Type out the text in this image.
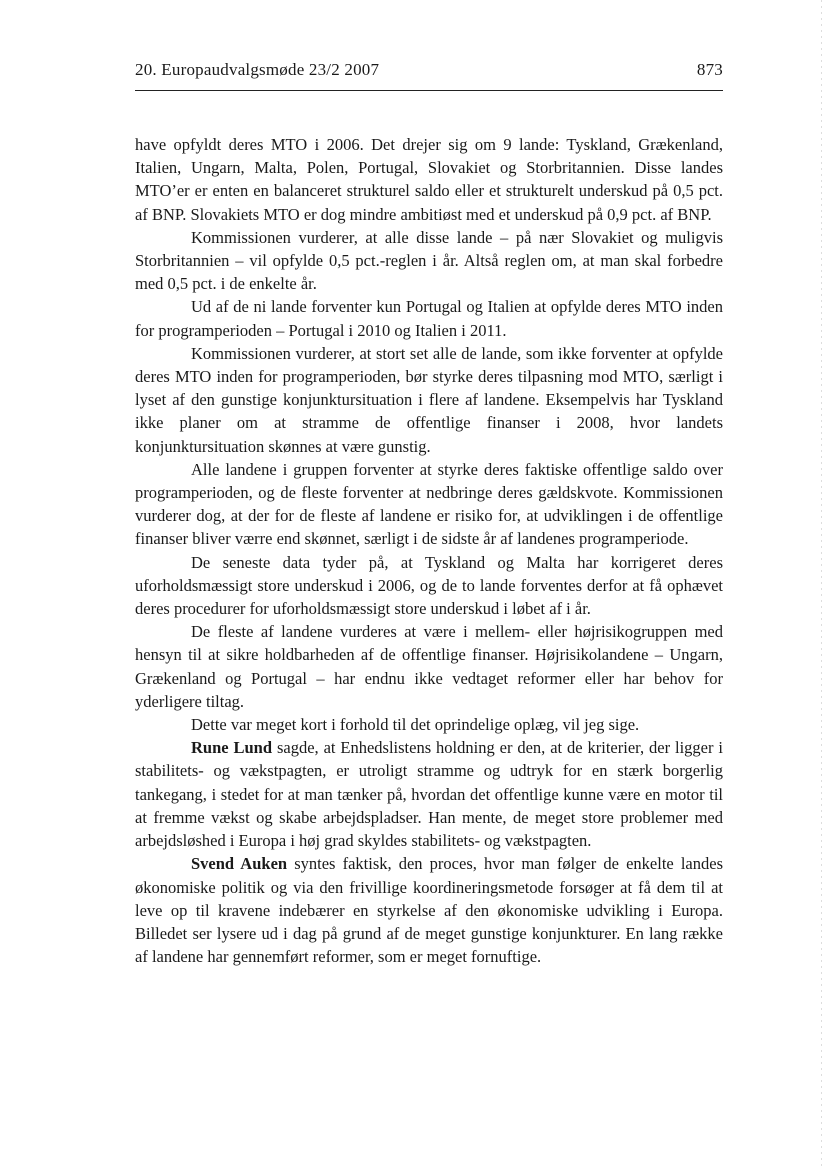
20. Europaudvalgsmøde 23/2 2007	873

have opfyldt deres MTO i 2006. Det drejer sig om 9 lande: Tyskland, Grækenland, Italien, Ungarn, Malta, Polen, Portugal, Slovakiet og Storbritannien. Disse landes MTO’er er enten en balanceret strukturel saldo eller et strukturelt underskud på 0,5 pct. af BNP. Slovakiets MTO er dog mindre ambitiøst med et underskud på 0,9 pct. af BNP.

Kommissionen vurderer, at alle disse lande – på nær Slovakiet og muligvis Storbritannien – vil opfylde 0,5 pct.-reglen i år. Altså reglen om, at man skal forbedre med 0,5 pct. i de enkelte år.

Ud af de ni lande forventer kun Portugal og Italien at opfylde deres MTO inden for programperioden – Portugal i 2010 og Italien i 2011.

Kommissionen vurderer, at stort set alle de lande, som ikke forventer at opfylde deres MTO inden for programperioden, bør styrke deres tilpasning mod MTO, særligt i lyset af den gunstige konjunktursituation i flere af landene. Eksempelvis har Tyskland ikke planer om at stramme de offentlige finanser i 2008, hvor landets konjunktursituation skønnes at være gunstig.

Alle landene i gruppen forventer at styrke deres faktiske offentlige saldo over programperioden, og de fleste forventer at nedbringe deres gældskvote. Kommissionen vurderer dog, at der for de fleste af landene er risiko for, at udviklingen i de offentlige finanser bliver værre end skønnet, særligt i de sidste år af landenes programperiode.

De seneste data tyder på, at Tyskland og Malta har korrigeret deres uforholdsmæssigt store underskud i 2006, og de to lande forventes derfor at få ophævet deres procedurer for uforholdsmæssigt store underskud i løbet af i år.

De fleste af landene vurderes at være i mellem- eller højrisikogruppen med hensyn til at sikre holdbarheden af de offentlige finanser. Højrisikolandene – Ungarn, Grækenland og Portugal – har endnu ikke vedtaget reformer eller har behov for yderligere tiltag.

Dette var meget kort i forhold til det oprindelige oplæg, vil jeg sige.

Rune Lund sagde, at Enhedslistens holdning er den, at de kriterier, der ligger i stabilitets- og vækstpagten, er utroligt stramme og udtryk for en stærk borgerlig tankegang, i stedet for at man tænker på, hvordan det offentlige kunne være en motor til at fremme vækst og skabe arbejdspladser. Han mente, de meget store problemer med arbejdsløshed i Europa i høj grad skyldes stabilitets- og vækstpagten.

Svend Auken syntes faktisk, den proces, hvor man følger de enkelte landes økonomiske politik og via den frivillige koordineringsmetode forsøger at få dem til at leve op til kravene indebærer en styrkelse af den økonomiske udvikling i Europa. Billedet ser lysere ud i dag på grund af de meget gunstige konjunkturer. En lang række af landene har gennemført reformer, som er meget fornuftige.
